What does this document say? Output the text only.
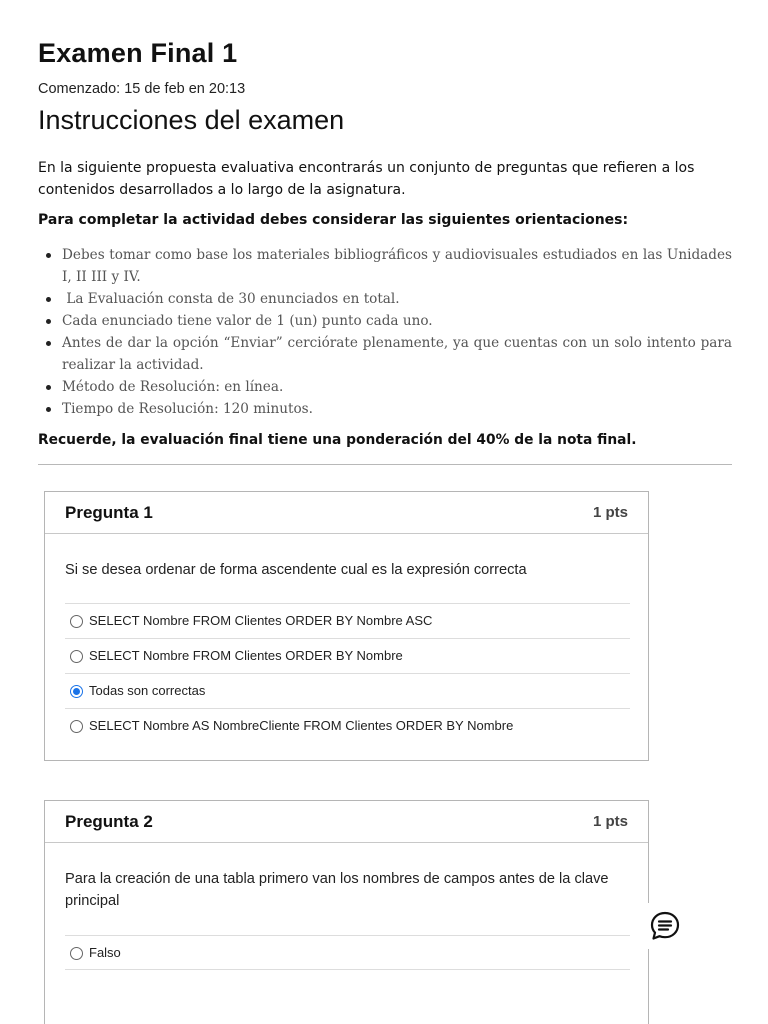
Examen Final 1
Comenzado: 15 de feb en 20:13
Instrucciones del examen

En la siguiente propuesta evaluativa encontrarás un conjunto de preguntas que refieren a los contenidos desarrollados a lo largo de la asignatura.

Para completar la actividad debes considerar las siguientes orientaciones:

Debes tomar como base los materiales bibliográficos y audiovisuales estudiados en las Unidades I, II III y IV.
La Evaluación consta de 30 enunciados en total.
Cada enunciado tiene valor de 1 (un) punto cada uno.
Antes de dar la opción “Enviar” cerciórate plenamente, ya que cuentas con un solo intento para realizar la actividad.
Método de Resolución: en línea.
Tiempo de Resolución: 120 minutos.

Recuerde, la evaluación final tiene una ponderación del 40% de la nota final.

Pregunta 1	1 pts
Si se desea ordenar de forma ascendente cual es la expresión correcta
SELECT Nombre FROM Clientes ORDER BY Nombre ASC
SELECT Nombre FROM Clientes ORDER BY Nombre
Todas son correctas
SELECT Nombre AS NombreCliente FROM Clientes ORDER BY Nombre
Pregunta 2	1 pts
Para la creación de una tabla primero van los nombres de campos antes de la clave principal
Falso
